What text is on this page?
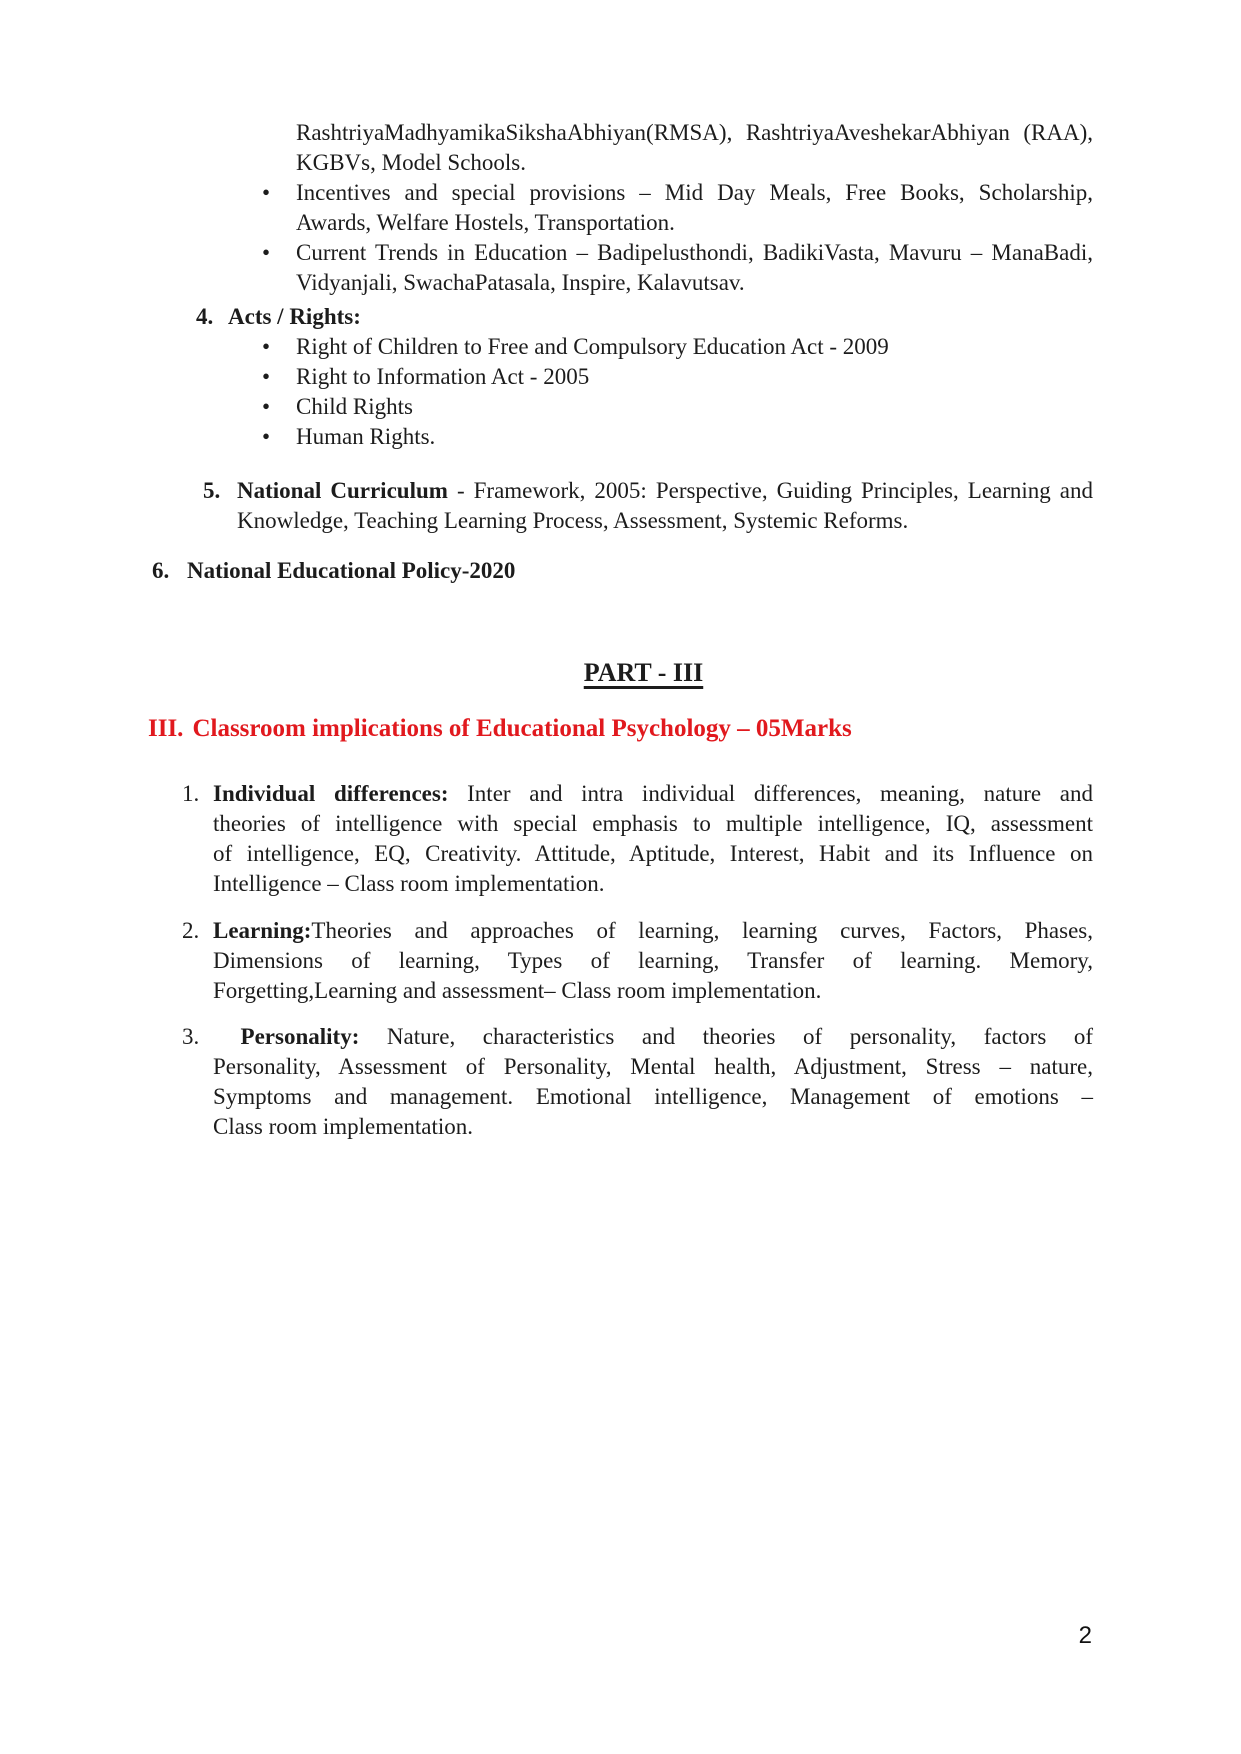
RashtriyaMadhyamikaSikshaAbhiyan(RMSA), RashtriyaAveshekarAbhiyan (RAA),
KGBVs, Model Schools.
•	Incentives and special provisions – Mid Day Meals, Free Books, Scholarship,
Awards, Welfare Hostels, Transportation.
•	Current Trends in Education – Badipelusthondi, BadikiVasta, Mavuru – ManaBadi,
Vidyanjali, SwachaPatasala, Inspire, Kalavutsav.
4. Acts / Rights:
•	Right of Children to Free and Compulsory Education Act - 2009
•	Right to Information Act - 2005
•	Child Rights
•	Human Rights.
5. National Curriculum - Framework, 2005: Perspective, Guiding Principles, Learning and
Knowledge, Teaching Learning Process, Assessment, Systemic Reforms.
6. National Educational Policy-2020
PART - III
III. Classroom implications of Educational Psychology – 05Marks
1. Individual differences: Inter and intra individual differences, meaning, nature and
theories of intelligence with special emphasis to multiple intelligence, IQ, assessment
of intelligence, EQ, Creativity. Attitude, Aptitude, Interest, Habit and its Influence on
Intelligence – Class room implementation.
2. Learning:Theories and approaches of learning, learning curves, Factors, Phases,
Dimensions of learning, Types of learning, Transfer of learning. Memory,
Forgetting,Learning and assessment– Class room implementation.
3. Personality: Nature, characteristics and theories of personality, factors of
Personality, Assessment of Personality, Mental health, Adjustment, Stress – nature,
Symptoms and management. Emotional intelligence, Management of emotions –
Class room implementation.
2
